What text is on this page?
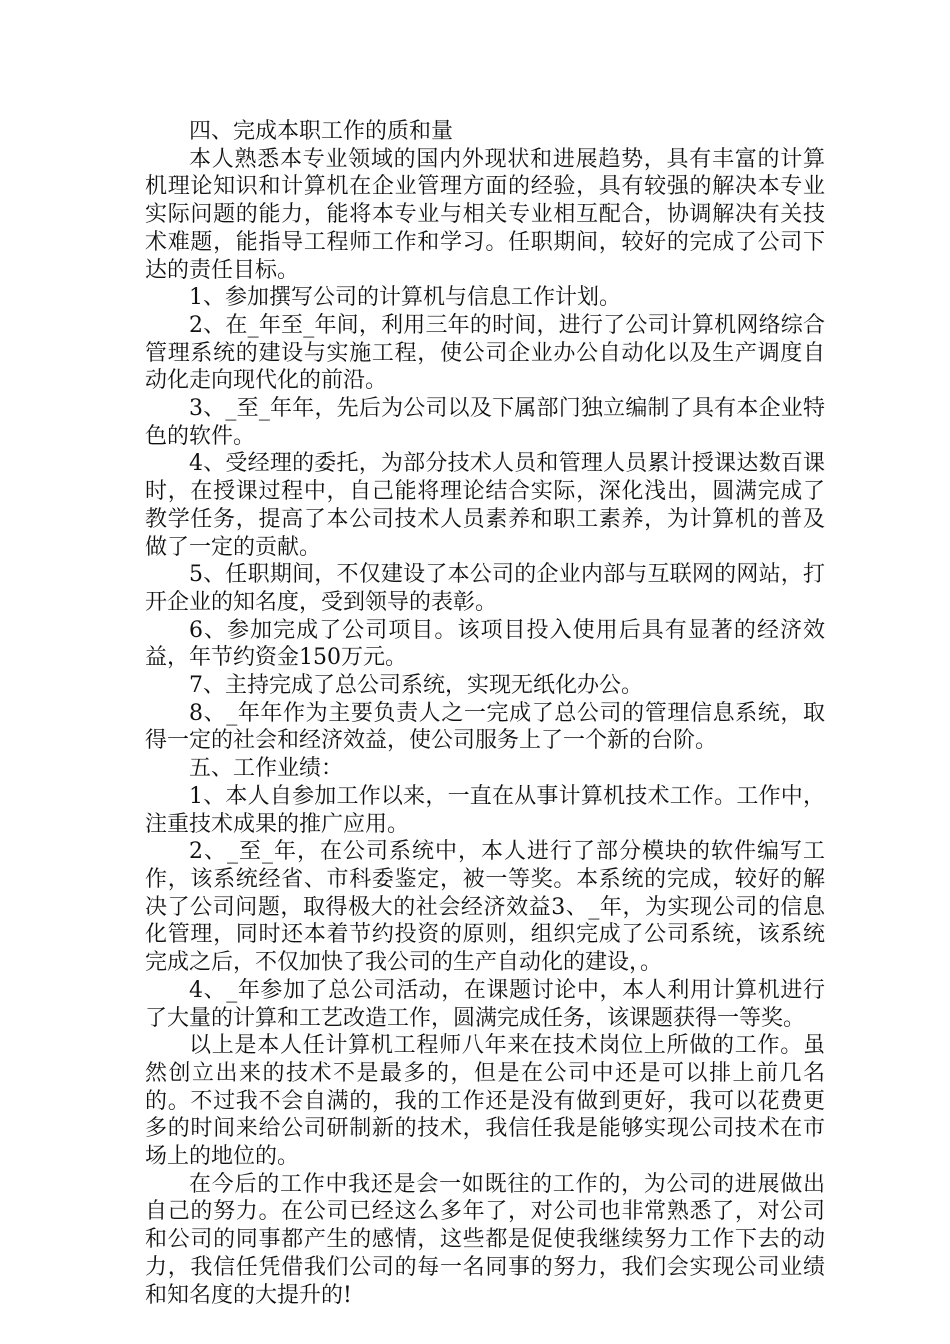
四、完成本职工作的质和量

本人熟悉本专业领域的国内外现状和进展趋势，具有丰富的计算机理论知识和计算机在企业管理方面的经验，具有较强的解决本专业实际问题的能力，能将本专业与相关专业相互配合，协调解决有关技术难题，能指导工程师工作和学习。任职期间，较好的完成了公司下达的责任目标。

1、参加撰写公司的计算机与信息工作计划。

2、在_年至_年间，利用三年的时间，进行了公司计算机网络综合管理系统的建设与实施工程，使公司企业办公自动化以及生产调度自动化走向现代化的前沿。

3、_至_年年，先后为公司以及下属部门独立编制了具有本企业特色的软件。

4、受经理的委托，为部分技术人员和管理人员累计授课达数百课时，在授课过程中，自己能将理论结合实际，深化浅出，圆满完成了教学任务，提高了本公司技术人员素养和职工素养，为计算机的普及做了一定的贡献。

5、任职期间，不仅建设了本公司的企业内部与互联网的网站，打开企业的知名度，受到领导的表彰。

6、参加完成了公司项目。该项目投入使用后具有显著的经济效益，年节约资金150万元。

7、主持完成了总公司系统，实现无纸化办公。

8、_年年作为主要负责人之一完成了总公司的管理信息系统，取得一定的社会和经济效益，使公司服务上了一个新的台阶。

五、工作业绩：

1、本人自参加工作以来，一直在从事计算机技术工作。工作中，注重技术成果的推广应用。

2、_至_年，在公司系统中，本人进行了部分模块的软件编写工作，该系统经省、市科委鉴定，被一等奖。本系统的完成，较好的解决了公司问题，取得极大的社会经济效益3、_年，为实现公司的信息化管理，同时还本着节约投资的原则，组织完成了公司系统，该系统完成之后，不仅加快了我公司的生产自动化的建设，。

4、_年参加了总公司活动，在课题讨论中，本人利用计算机进行了大量的计算和工艺改造工作，圆满完成任务，该课题获得一等奖。

以上是本人任计算机工程师八年来在技术岗位上所做的工作。虽然创立出来的技术不是最多的，但是在公司中还是可以排上前几名的。不过我不会自满的，我的工作还是没有做到更好，我可以花费更多的时间来给公司研制新的技术，我信任我是能够实现公司技术在市场上的地位的。

在今后的工作中我还是会一如既往的工作的，为公司的进展做出自己的努力。在公司已经这么多年了，对公司也非常熟悉了，对公司和公司的同事都产生的感情，这些都是促使我继续努力工作下去的动力，我信任凭借我们公司的每一名同事的努力，我们会实现公司业绩和知名度的大提升的!
